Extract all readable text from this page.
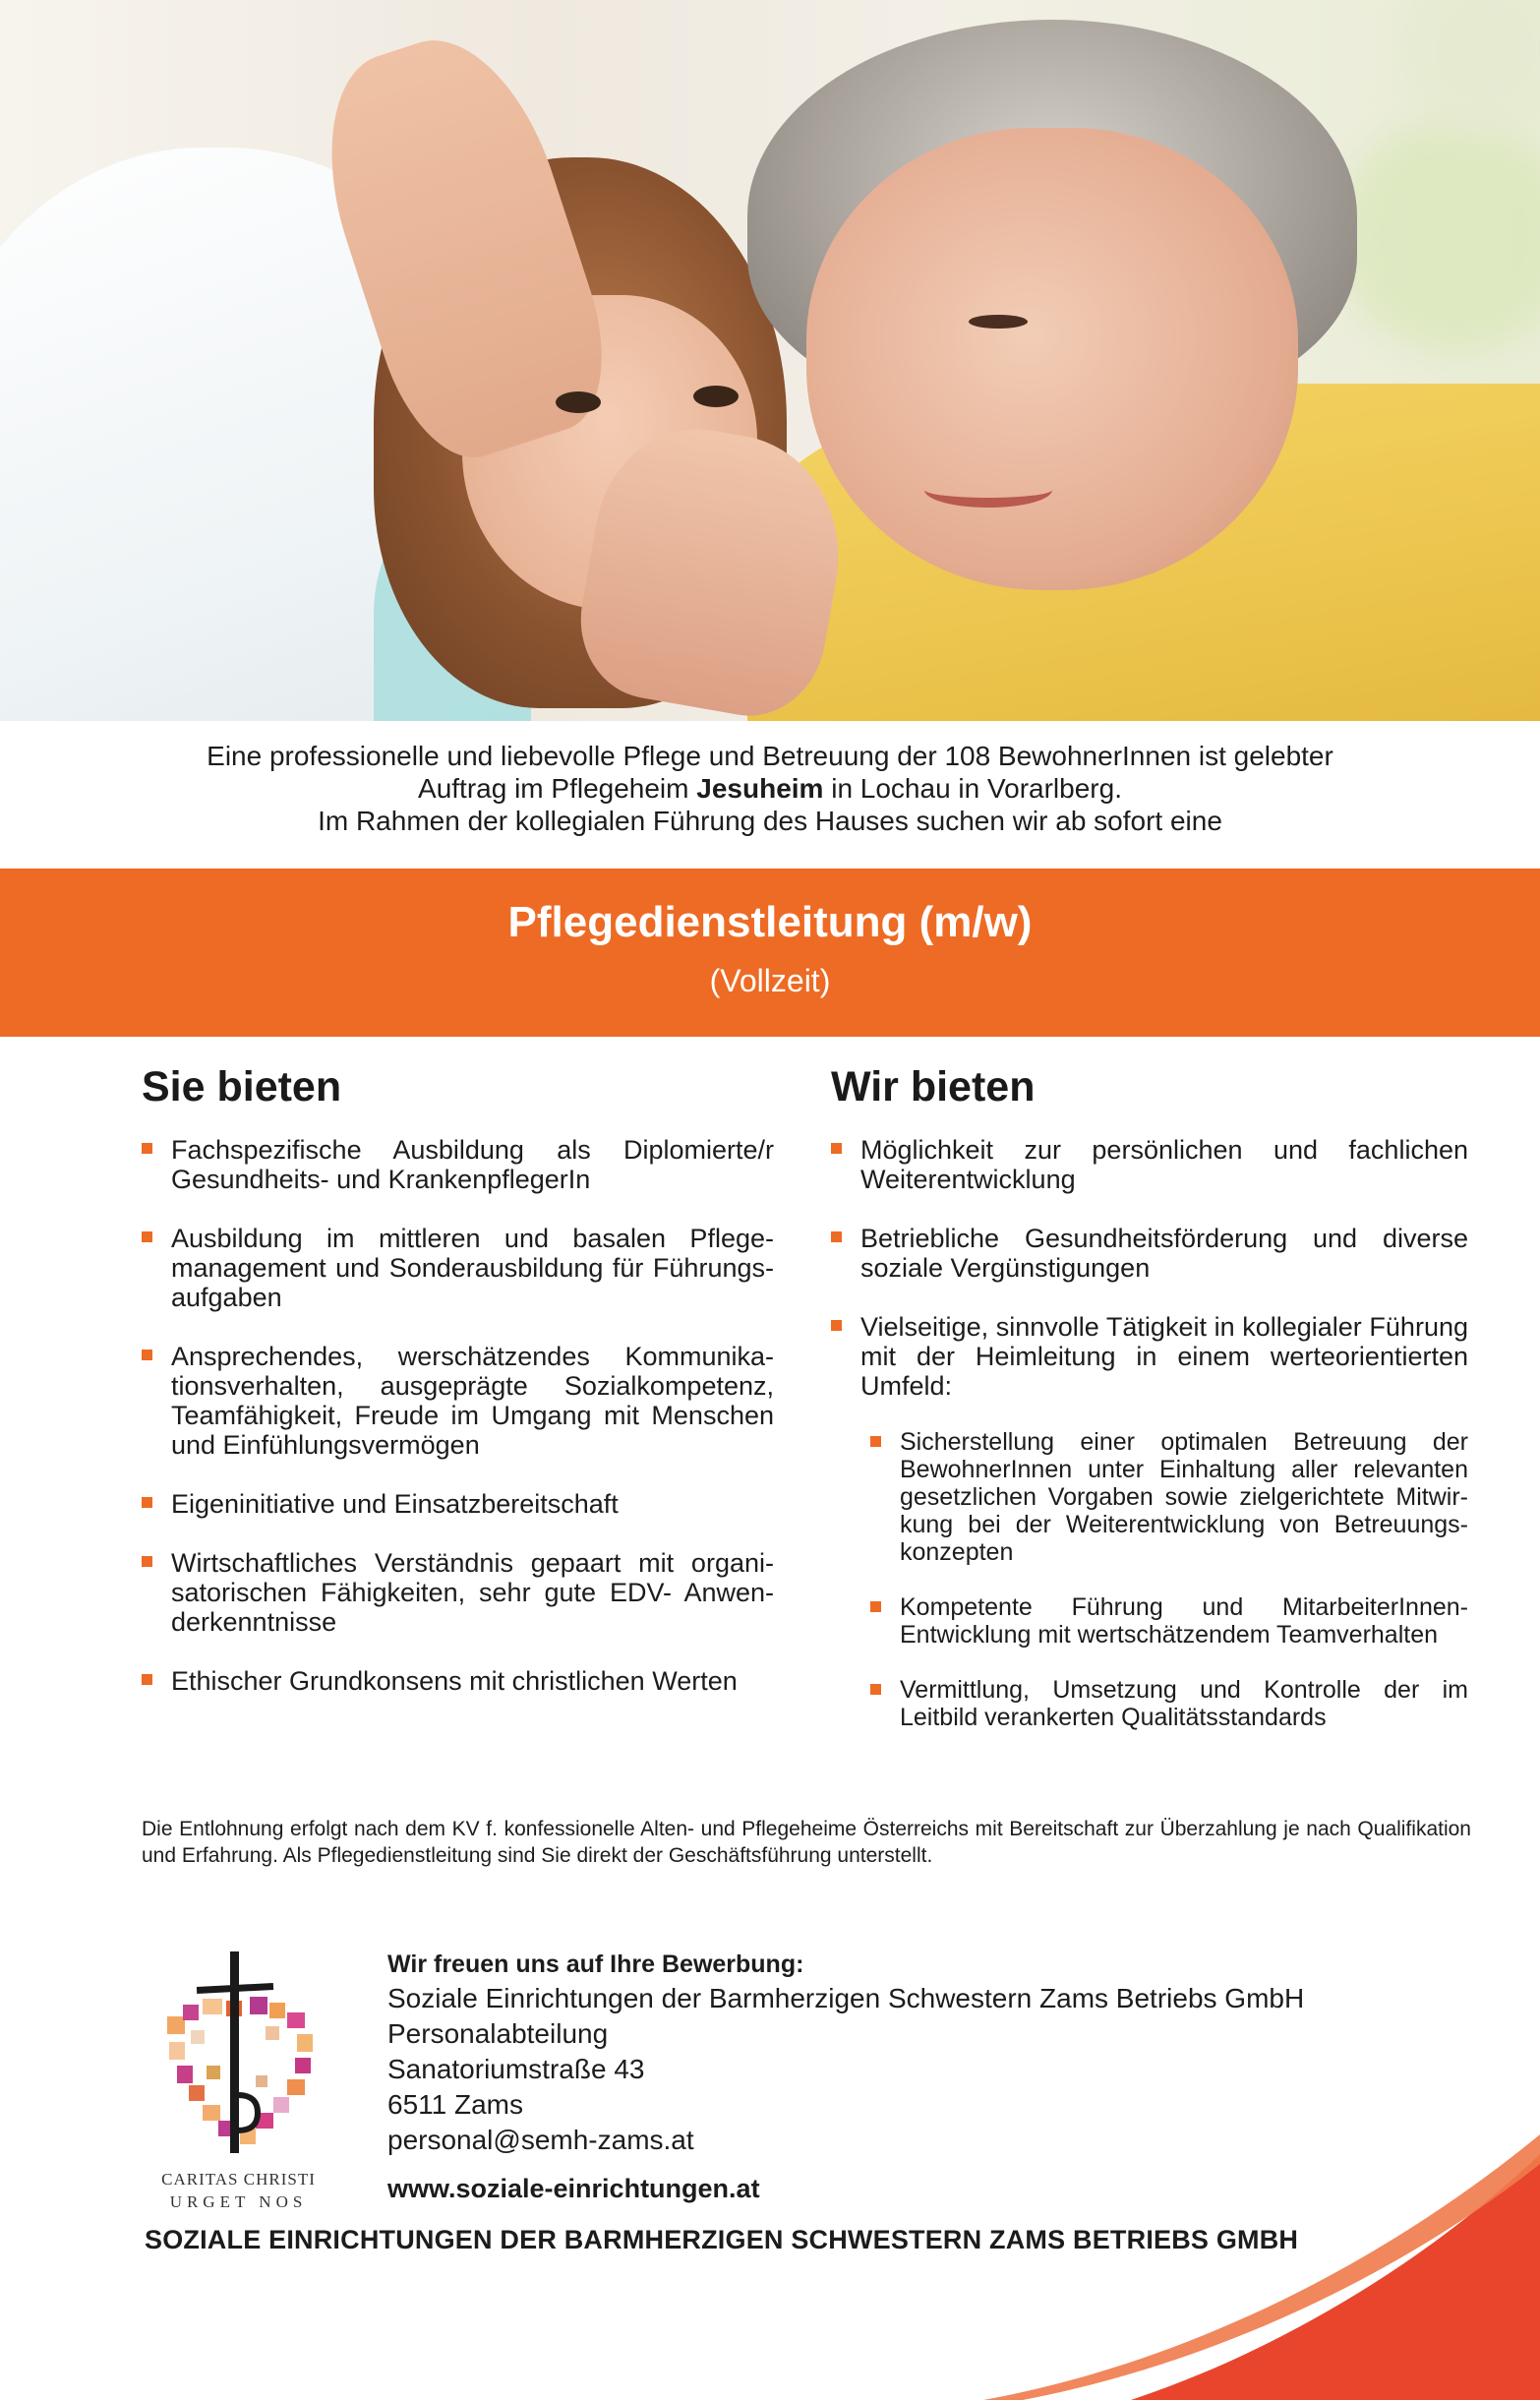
Eine professionelle und liebevolle Pflege und Betreuung der 108 BewohnerInnen ist gelebter
Auftrag im Pflegeheim Jesuheim in Lochau in Vorarlberg.
Im Rahmen der kollegialen Führung des Hauses suchen wir ab sofort eine
Pflegedienstleitung (m/w)
(Vollzeit)
Sie bieten
Fachspezifische Ausbildung als Diplomierte/r Gesundheits- und KrankenpflegerIn
Ausbildung im mittleren und basalen Pflegemanagement und Sonderausbildung für Führungsaufgaben
Ansprechendes, werschätzendes Kommunikationsverhalten, ausgeprägte Sozialkompetenz, Teamfähigkeit, Freude im Umgang mit Menschen und Einfühlungsvermögen
Eigeninitiative und Einsatzbereitschaft
Wirtschaftliches Verständnis gepaart mit organisatorischen Fähigkeiten, sehr gute EDV- Anwenderkenntnisse
Ethischer Grundkonsens mit christlichen Werten
Wir bieten
Möglichkeit zur persönlichen und fachlichen Weiterentwicklung
Betriebliche Gesundheitsförderung und diverse soziale Vergünstigungen
Vielseitige, sinnvolle Tätigkeit in kollegialer Führung mit der Heimleitung in einem werteorientierten Umfeld:
Sicherstellung einer optimalen Betreuung der BewohnerInnen unter Einhaltung aller relevanten gesetzlichen Vorgaben sowie zielgerichtete Mitwirkung bei der Weiterentwicklung von Betreuungskonzepten
Kompetente Führung und MitarbeiterInnen-Entwicklung mit wertschätzendem Teamverhalten
Vermittlung, Umsetzung und Kontrolle der im Leitbild verankerten Qualitätsstandards
Die Entlohnung erfolgt nach dem KV f. konfessionelle Alten- und Pflegeheime Österreichs mit Bereitschaft zur Überzahlung je nach Qualifikation und Erfahrung. Als Pflegedienstleitung sind Sie direkt der Geschäftsführung unterstellt.
CARITAS CHRISTI
URGET NOS
Wir freuen uns auf Ihre Bewerbung:
Soziale Einrichtungen der Barmherzigen Schwestern Zams Betriebs GmbH
Personalabteilung
Sanatoriumstraße 43
6511 Zams
personal@semh-zams.at
www.soziale-einrichtungen.at
SOZIALE EINRICHTUNGEN DER BARMHERZIGEN SCHWESTERN ZAMS BETRIEBS GMBH
